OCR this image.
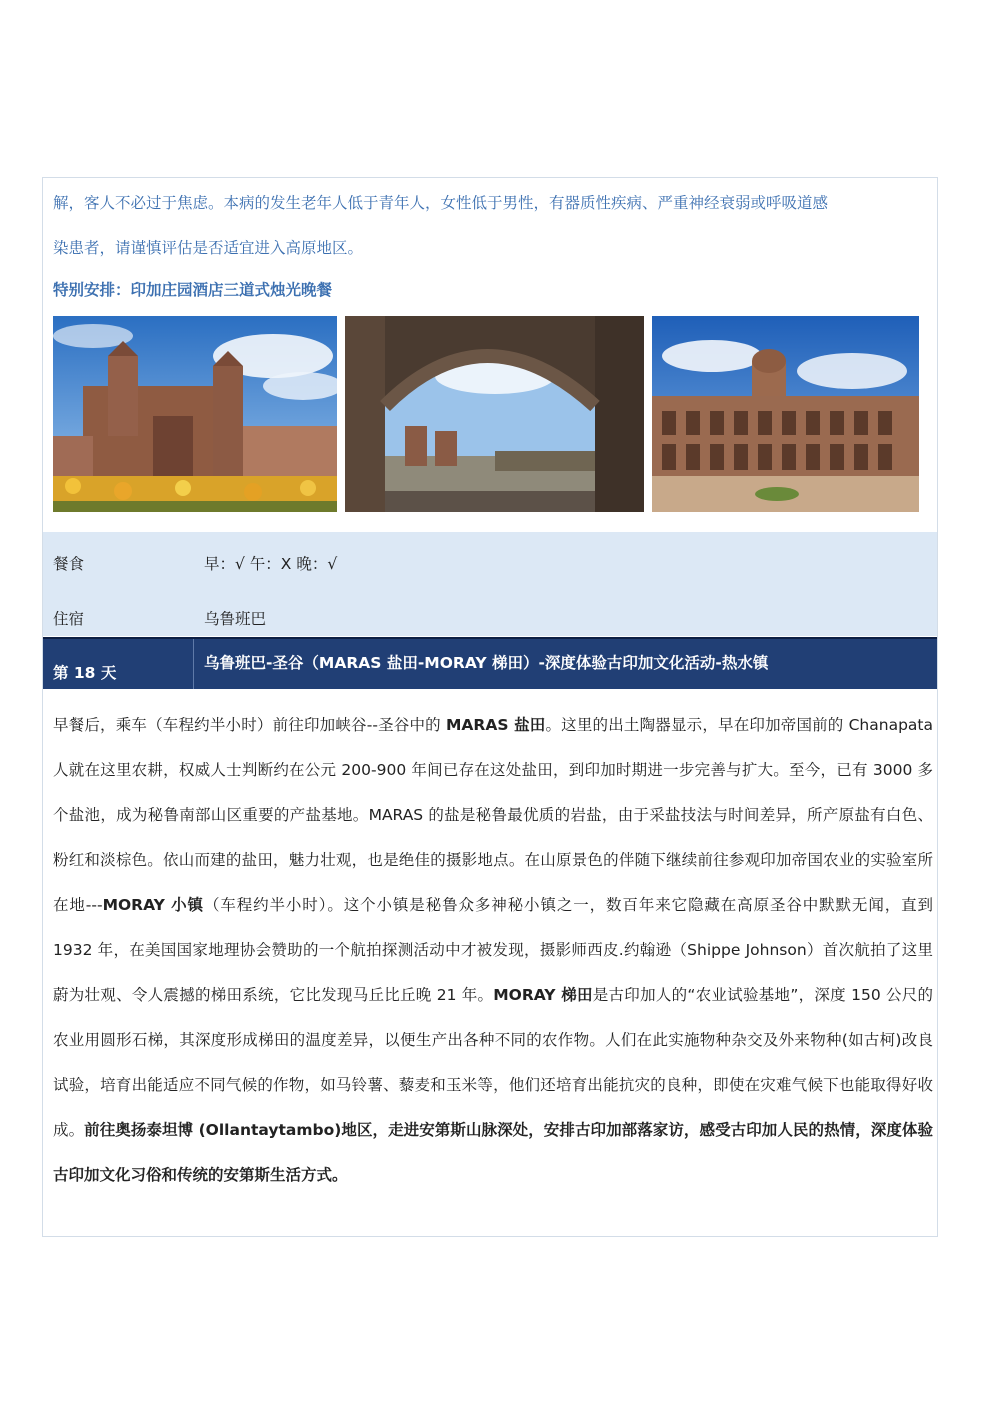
解，客人不必过于焦虑。本病的发生老年人低于青年人，女性低于男性，有器质性疾病、严重神经衰弱或呼吸道感
染患者，请谨慎评估是否适宜进入高原地区。
特别安排：印加庄园酒店三道式烛光晚餐
餐食	早：√ 午：X 晚：√
住宿	乌鲁班巴
第 18 天
乌鲁班巴-圣谷（MARAS 盐田-MORAY 梯田）-深度体验古印加文化活动-热水镇
早餐后，乘车（车程约半小时）前往印加峡谷--圣谷中的 MARAS 盐田。这里的出土陶器显示，早在印加帝国前的 Chanapata 人就在这里农耕，权威人士判断约在公元 200-900 年间已存在这处盐田，到印加时期进一步完善与扩大。至今，已有 3000 多个盐池，成为秘鲁南部山区重要的产盐基地。MARAS 的盐是秘鲁最优质的岩盐，由于采盐技法与时间差异，所产原盐有白色、粉红和淡棕色。依山而建的盐田，魅力壮观，也是绝佳的摄影地点。在山原景色的伴随下继续前往参观印加帝国农业的实验室所在地---MORAY 小镇（车程约半小时）。这个小镇是秘鲁众多神秘小镇之一，数百年来它隐藏在高原圣谷中默默无闻，直到 1932 年，在美国国家地理协会赞助的一个航拍探测活动中才被发现，摄影师西皮.约翰逊（Shippe Johnson）首次航拍了这里蔚为壮观、令人震撼的梯田系统，它比发现马丘比丘晚 21 年。MORAY 梯田是古印加人的“农业试验基地”，深度 150 公尺的农业用圆形石梯，其深度形成梯田的温度差异，以便生产出各种不同的农作物。人们在此实施物种杂交及外来物种(如古柯)改良试验，培育出能适应不同气候的作物，如马铃薯、藜麦和玉米等，他们还培育出能抗灾的良种，即使在灾难气候下也能取得好收成。前往奥扬泰坦博 (Ollantaytambo)地区，走进安第斯山脉深处，安排古印加部落家访，感受古印加人民的热情，深度体验古印加文化习俗和传统的安第斯生活方式。
